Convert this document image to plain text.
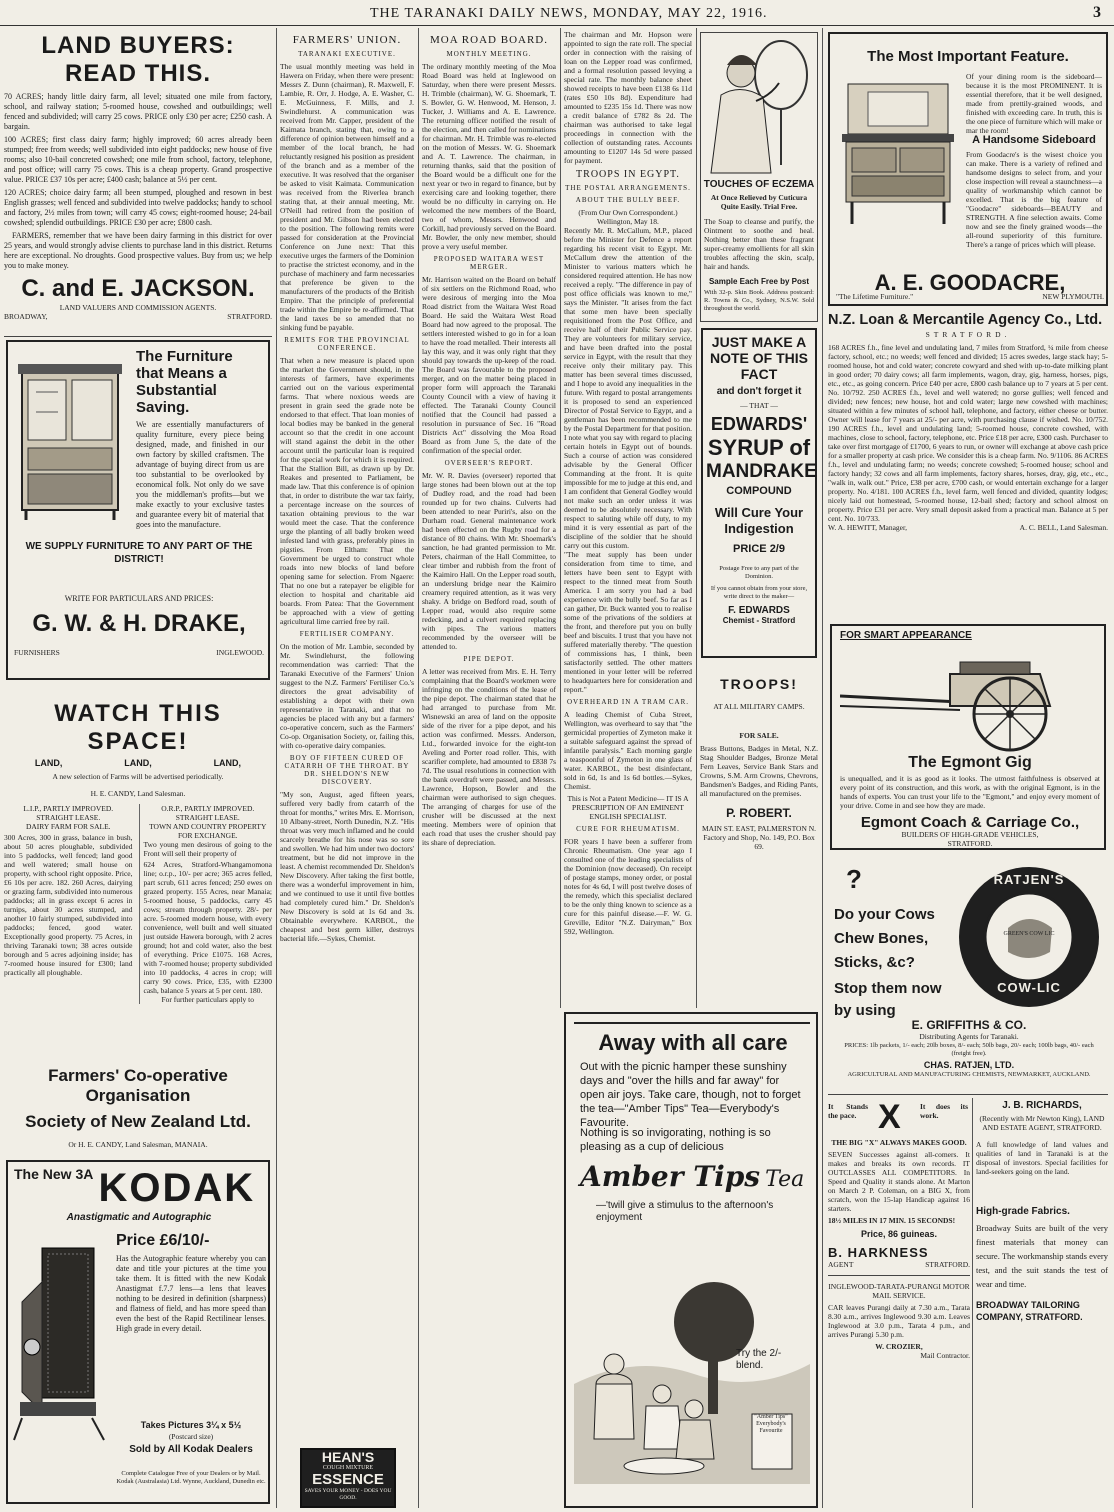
THE TARANAKI DAILY NEWS, MONDAY, MAY 22, 1916.	3
LAND BUYERS: READ THIS.
70 ACRES; handy little dairy farm, all level; situated one mile from factory, school, and railway station; 5-roomed house, cowshed and outbuildings; well fenced and subdivided; will carry 25 cows. PRICE only £30 per acre; £250 cash. A bargain.
100 ACRES; first class dairy farm; highly improved; 60 acres already been stumped; free from weeds; well subdivided into eight paddocks; new house of five rooms; also 10-bail concreted cowshed; one mile from school, factory, telephone, and post office; will carry 75 cows. This is a cheap property. Grand prospective value. PRICE £37 10s per acre; £400 cash; balance at 5½ per cent.
120 ACRES; choice dairy farm; all been stumped, ploughed and resown in best English grasses; well fenced and subdivided into twelve paddocks; handy to school and factory, 2½ miles from town; will carry 45 cows; eight-roomed house; 24-bail cowshed; splendid outbuildings. PRICE £30 per acre; £800 cash.
FARMERS, remember that we have been dairy farming in this district for over 25 years, and would strongly advise clients to purchase land in this district. Returns here are exceptional. No droughts. Good prospective values. Buy from us; we help you to make money.
C. and E. JACKSON.
LAND VALUERS AND COMMISSION AGENTS.
BROADWAY,	STRATFORD.
The Furniture that Means a Substantial Saving.
We are essentially manufacturers of quality furniture, every piece being designed, made, and finished in our own factory by skilled craftsmen. The advantage of buying direct from us are too substantial to be overlooked by economical folk. Not only do we save you the middleman's profits—but we make exactly to your exclusive tastes and guarantee every bit of material that goes into the manufacture.
WE SUPPLY FURNITURE TO ANY PART OF THE DISTRICT!
WRITE FOR PARTICULARS AND PRICES:
G. W. & H. DRAKE,
FURNISHERS	INGLEWOOD.
WATCH THIS SPACE!
LAND,	LAND,	LAND,
A new selection of Farms will be advertised periodically.
H. E. CANDY, Land Salesman.
L.I.P., PARTLY IMPROVED.
STRAIGHT LEASE.
DAIRY FARM FOR SALE.
300 Acres, 300 in grass, balance in bush, about 50 acres ploughable, subdivided into 5 paddocks, well fenced; land good and well watered; small house on property, with school right opposite. Price, £6 10s per acre. 182. 260 Acres, dairying or grazing farm, subdivided into numerous paddocks; all in grass except 6 acres in turnips, about 30 acres stumped, and another 10 fairly stumped, subdivided into paddocks; fenced, good water. Exceptionally good property. 75 Acres, in thriving Taranaki town; 38 acres outside borough and 5 acres adjoining inside; has 7-roomed house insured for £300; land practically all ploughable.
O.R.P., PARTLY IMPROVED.
STRAIGHT LEASE.
TOWN AND COUNTRY PROPERTY FOR EXCHANGE.
Two young men desirous of going to the Front will sell their property of
624 Acres, Stratford-Whangamomona line; o.r.p., 10/- per acre; 365 acres felled, part scrub, 611 acres fenced; 250 ewes on grazed property. 155 Acres, near Manaia; 5-roomed house, 5 paddocks, carry 45 cows; stream through property. 28/- per acre. 5-roomed modern house, with every convenience, well built and well situated just outside Hawera borough, with 2 acres ground; hot and cold water, also the best of everything. Price £1075. 168 Acres, with 7-roomed house; property subdivided into 10 paddocks, 4 acres in crop; will carry 90 cows. Price, £35, with £2300 cash, balance 5 years at 5 per cent. 180.
For further particulars apply to
Farmers' Co-operative Organisation
Society of New Zealand Ltd.
Or H. E. CANDY, Land Salesman, MANAIA.
The New 3A KODAK
Anastigmatic and Autographic
Price £6/10/-
Has the Autographic feature whereby you can date and title your pictures at the time you take them. It is fitted with the new Kodak Anastigmat f.7.7 lens—a lens that leaves nothing to be desired in definition (sharpness) and flatness of field, and has more speed than even the best of the Rapid Rectilinear lenses. High grade in every detail.
Takes Pictures 3¼ x 5½
(Postcard size)
Sold by All Kodak Dealers
Complete Catalogue Free of your Dealers or by Mail. Kodak (Australasia) Ltd. Wynne, Auckland, Dunedin etc.
FARMERS' UNION.
TARANAKI EXECUTIVE.
The usual monthly meeting was held in Hawera on Friday, when there were present: Messrs Z. Dunn (chairman), R. Maxwell, F. Lambie, R. Orr, J. Hodge, A. E. Washer, C. E. McGuinness, F. Mills, and J. Swindlehurst. A communication was received from Mr. Capper, president of the Kaimata branch, stating that, owing to a difference of opinion between himself and a member of the local branch, he had reluctantly resigned his position as president of the branch and as a member of the executive. It was resolved that the organiser be asked to visit Kaimata. Communication was received from the Riverlea branch stating that, at their annual meeting, Mr. O'Neill had retired from the position of president and Mr. Gibson had been elected to the position. The following remits were passed for consideration at the Provincial Conference on June next: That this executive urges the farmers of the Dominion to practise the strictest economy, and in the purchase of machinery and farm necessaries that preference be given to the manufacturers of the products of the British Empire. That the principle of preferential trade within the Empire be re-affirmed. That the land taxes be so amended that no sinking fund be payable.
REMITS FOR THE PROVINCIAL CONFERENCE.
That when a new measure is placed upon the market the Government should, in the interests of farmers, have experiments carried out on the various experimental farms. That where noxious weeds are present in grain seed the grade note be endorsed to that effect. That loan monies of local bodies may be banked in the general account so that the credit in one account will stand against the debit in the other account until the particular loan is required for the special work for which it is required. That the Stallion Bill, as drawn up by Dr. Reakes and presented to Parliament, be made law. That this conference is of opinion that, in order to distribute the war tax fairly, a percentage increase on the sources of taxation obtaining previous to the war would meet the case. That the conference urge the planting of all badly broken weed infested land with grass, preferably pines in pigsties. From Eltham: That the Government be urged to construct whole roads into new blocks of land before opening same for selection. From Ngaere: That no one but a ratepayer be eligible for election to hospital and charitable aid boards. From Patea: That the Government be approached with a view of getting agricultural lime carried free by rail.
FERTILISER COMPANY.
On the motion of Mr. Lambie, seconded by Mr. Swindlehurst, the following recommendation was carried: That the Taranaki Executive of the Farmers' Union suggest to the N.Z. Farmers' Fertiliser Co.'s directors the great advisability of establishing a depot with their own representative in Taranaki, and that no agencies be placed with any but a farmers' co-operative concern, such as the Farmers' Co-op. Organisation Society, or, failing this, with co-operative dairy companies.
BOY OF FIFTEEN CURED OF CATARRH OF THE THROAT. BY DR. SHELDON'S NEW DISCOVERY.
"My son, August, aged fifteen years, suffered very badly from catarrh of the throat for months," writes Mrs. E. Morrison, 10 Albany-street, North Dunedin, N.Z. "His throat was very much inflamed and he could scarcely breathe for his nose was so sore and swollen. We had him under two doctors' treatment, but he did not improve in the least. A chemist recommended Dr. Sheldon's New Discovery. After taking the first bottle, there was a wonderful improvement in him, and we continued to use it until five bottles had completely cured him." Dr. Sheldon's New Discovery is sold at 1s 6d and 3s. Obtainable everywhere. KARBOL, the cheapest and best germ killer, destroys bacterial life.—Sykes, Chemist.
HEAN'S
COUGH MIXTURE
ESSENCE
SAVES YOUR MONEY - DOES YOU GOOD.
MOA ROAD BOARD.
MONTHLY MEETING.
The ordinary monthly meeting of the Moa Road Board was held at Inglewood on Saturday, when there were present Messrs. H. Trimble (chairman), W. G. Shoemark, T. S. Bowler, G. W. Henwood, M. Henson, J. Tucker, J. Williams and A. E. Lawrence. The returning officer notified the result of the election, and then called for nominations for chairman. Mr. H. Trimble was re-elected on the motion of Messrs. W. G. Shoemark and A. T. Lawrence. The chairman, in returning thanks, said that the position of the Board would be a difficult one for the next year or two in regard to finance, but by exercising care and looking together, there would be no difficulty in carrying on. He welcomed the new members of the Board, two of whom, Messrs. Henwood and Corkill, had previously served on the Board. Mr. Bowler, the only new member, should prove a very useful member.
PROPOSED WAITARA WEST MERGER.
Mr. Harrison waited on the Board on behalf of six settlers on the Richmond Road, who were desirous of merging into the Moa Road district from the Waitara West Road Board. He said the Waitara West Road Board had now agreed to the proposal. The settlers interested wished to go in for a loan to have the road metalled. Their interests all lay this way, and it was only right that they should pay towards the up-keep of the road. The Board was favourable to the proposed merger, and on the matter being placed in proper form will approach the Taranaki County Council with a view of having it effected. The Taranaki County Council notified that the Council had passed a resolution in pursuance of Sec. 16 "Road Districts Act" dissolving the Moa Road Board as from June 5, the date of the confirmation of the special order.
OVERSEER'S REPORT.
Mr. W. R. Davies (overseer) reported that large stones had been blown out at the top of Dudley road, and the road had been rounded up for two chains. Culverts had been attended to near Puriri's, also on the Durham road. General maintenance work had been effected on the Rugby road for a distance of 80 chains. With Mr. Shoemark's sanction, he had granted permission to Mr. Peters, chairman of the Hall Committee, to clear timber and rubbish from the front of the Kaimiro Hall. On the Lepper road south, an underslung bridge near the Kaimiro creamery required attention, as it was very shaky. A bridge on Bedford road, south of Lepper road, would also require some redecking, and a culvert required replacing with pipes. The various matters recommended by the overseer will be attended to.
PIPE DEPOT.
A letter was received from Mrs. E. H. Terry complaining that the Board's workmen were infringing on the conditions of the lease of the pipe depot. The chairman stated that he had arranged to purchase from Mr. Wisnewski an area of land on the opposite side of the river for a pipe depot, and his action was confirmed. Messrs. Anderson, Ltd., forwarded invoice for the eight-ton Aveling and Porter road roller. This, with scarifier complete, had amounted to £838 7s 7d. The usual resolutions in connection with the bank overdraft were passed, and Messrs. Lawrence, Hopson, Bowler and the chairman were authorised to sign cheques. The arranging of charges for use of the crusher will be discussed at the next meeting. Members were of opinion that each road that uses the crusher should pay its share of depreciation.
The chairman and Mr. Hopson were appointed to sign the rate roll. The special order in connection with the raising of loan on the Lepper road was confirmed, and a formal resolution passed levying a special rate. The monthly balance sheet showed receipts to have been £138 6s 11d (rates £50 10s 8d). Expenditure had amounted to £235 15s 1d. There was now a credit balance of £782 8s 2d. The chairman was authorised to take legal proceedings in connection with the collection of outstanding rates. Accounts amounting to £1207 14s 5d were passed for payment.
TROOPS IN EGYPT.
THE POSTAL ARRANGEMENTS.
ABOUT THE BULLY BEEF.
(From Our Own Correspondent.) Wellington, May 18.
Recently Mr. R. McCallum, M.P., placed before the Minister for Defence a report regarding his recent visit to Egypt. Mr. McCallum drew the attention of the Minister to various matters which he considered required attention. He has now received a reply. "The difference in pay of post office officials was known to me," says the Minister. "It arises from the fact that some men have been specially requisitioned from the Post Office, and receive half of their Public Service pay. They are volunteers for military service, and have been drafted into the postal service in Egypt, with the result that they receive only their military pay. This matter has been several times discussed, and I hope to avoid any inequalities in the future. With regard to postal arrangements it is proposed to send an experienced Director of Postal Service to Egypt, and a gentleman has been recommended to me by the Postal Department for that position. I note what you say with regard to placing certain hotels in Egypt out of bounds. Such a course of action was considered advisable by the General Officer Commanding at the front. It is quite impossible for me to judge at this end, and I am confident that General Godley would not make such an order unless it was deemed to be absolutely necessary. With respect to saluting while off duty, to my mind it is very essential as part of the discipline of the soldier that he should carry out this custom.
"The meat supply has been under consideration from time to time, and letters have been sent to Egypt with respect to the tinned meat from South America. I am sorry you had a bad experience with the bully beef. So far as I can gather, Dr. Buck wanted you to realise some of the privations of the soldiers at the front, and therefore put you on bully beef and biscuits. I trust that you have not suffered materially thereby. "The question of commissions has, I think, been satisfactorily settled. The other matters mentioned in your letter will be referred to headquarters here for consideration and report."
OVERHEARD IN A TRAM CAR.
A leading Chemist of Cuba Street, Wellington, was overheard to say that "the germicidal properties of Zymeton make it a suitable safeguard against the spread of infantile paralysis." Each morning gargle a teaspoonful of Zymeton in one glass of water. KARBOL, the best disinfectant, sold in 6d, 1s and 1s 6d bottles.—Sykes, Chemist.
This is Not a Patent Medicine— IT IS A PRESCRIPTION OF AN EMINENT ENGLISH SPECIALIST.
CURE FOR RHEUMATISM.
FOR years I have been a sufferer from Chronic Rheumatism. One year ago I consulted one of the leading specialists of the Dominion (now deceased). On receipt of postage stamps, money order, or postal notes for 4s 6d, I will post twelve doses of the remedy, which this specialist declared to be the only thing known to science as a cure for this painful disease.—F. W. G. Greville, Editor "N.Z. Dairyman," Box 592, Wellington.
TOUCHES OF ECZEMA
At Once Relieved by Cuticura Quite Easily. Trial Free.
The Soap to cleanse and purify, the Ointment to soothe and heal. Nothing better than these fragrant super-creamy emollients for all skin troubles affecting the skin, scalp, hair and hands.
Sample Each Free by Post
With 32-p. Skin Book. Address postcard: R. Towns & Co., Sydney, N.S.W. Sold throughout the world.
JUST MAKE A NOTE OF THIS FACT
and don't forget it
— THAT —
EDWARDS'
SYRUP of
MANDRAKE
COMPOUND
Will Cure Your Indigestion
PRICE 2/9
Postage Free to any part of the Dominion.
If you cannot obtain from your store, write direct to the maker—
F. EDWARDS
Chemist - Stratford
TROOPS!
AT ALL MILITARY CAMPS.
FOR SALE.
Brass Buttons, Badges in Metal, N.Z. Stag Shoulder Badges, Bronze Metal Fern Leaves, Service Bank Stars and Crowns, S.M. Arm Crowns, Chevrons, Bandsmen's Badges, and Riding Pants, all manufactured on the premises.
P. ROBERT.
MAIN ST. EAST, PALMERSTON N. Factory and Shop, No. 149, P.O. Box 69.
Away with all care
Out with the picnic hamper these sunshiny days and "over the hills and far away" for open air joys. Take care, though, not to forget the tea—"Amber Tips" Tea—Everybody's Favourite.
Nothing is so invigorating, nothing is so pleasing as a cup of delicious
Amber Tips Tea
—'twill give a stimulus to the afternoon's enjoyment
Try the 2/- blend.
"Amber Tips" Everybody's Favourite
The Most Important Feature.
Of your dining room is the sideboard—because it is the most PROMINENT. It is essential therefore, that it be well designed, made from prettily-grained woods, and finished with exceeding care. In truth, this is the one piece of furniture which will make or mar the room!
A Handsome Sideboard
From Goodacre's is the wisest choice you can make. There is a variety of refined and handsome designs to select from, and your close inspection will reveal a staunchness—a quality of workmanship which cannot be excelled. That is the big feature of "Goodacre" sideboards—BEAUTY and STRENGTH. A fine selection awaits. Come now and see the finely grained woods—the all-round superiority of this furniture. There's a range of prices which will please.
A. E. GOODACRE,
"The Lifetime Furniture."	NEW PLYMOUTH.
N.Z. Loan & Mercantile Agency Co., Ltd.
STRATFORD.
168 ACRES f.h., fine level and undulating land, 7 miles from Stratford, ¼ mile from cheese factory, school, etc.; no weeds; well fenced and divided; 15 acres swedes, large stack hay; 5-roomed house, hot and cold water; concrete cowyard and shed with up-to-date milking plant in good order; 70 dairy cows; all farm implements, wagon, dray, gig, harness, horses, pigs, etc., etc., as going concern. Price £40 per acre, £800 cash balance up to 7 years at 5 per cent. No. 10/792. 250 ACRES f.h., level and well watered; no gorse gullies; well fenced and divided; new fences; new house, hot and cold water; large new cowshed with machines; situated within a few minutes of school hall, telephone, and factory, either cheese or butter. Owner will lease for 7 years at 25/- per acre, with purchasing clause if wished. No. 10/752. 190 ACRES f.h., level and undulating land; 5-roomed house, concrete cowshed, with machines, close to school, factory, telephone, etc. Price £18 per acre, £300 cash. Purchaser to take over first mortgage of £1700, 6 years to run, or owner will exchange at above cash price for a smaller property at cash price. We consider this is a cheap farm. No. 9/1106. 86 ACRES f.h., level and undulating farm; no weeds; concrete cowshed; 5-roomed house; school and factory handy; 32 cows and all farm implements, factory shares, horses, dray, gig, etc., etc., "walk in, walk out." Price, £38 per acre, £700 cash, or would entertain exchange for a larger property. No. 4/181. 100 ACRES f.h., level farm, well fenced and divided, quantity lodges; nicely laid out homestead, 5-roomed house, 12-bail shed; factory and school almost on property. Price £31 per acre. Very small deposit asked from a practical man. Balance at 5 per cent. No. 10/733.
W. A. HEWITT, Manager,	A. C. BELL, Land Salesman.
FOR SMART APPEARANCE
The Egmont Gig
is unequalled, and it is as good as it looks. The utmost faithfulness is observed at every point of its construction, and this work, as with the original Egmont, is in the hands of experts. You can trust your life to the "Egmont," and enjoy every moment of your drive. Come in and see how they are made.
Egmont Coach & Carriage Co.,
BUILDERS OF HIGH-GRADE VEHICLES,
STRATFORD.
?
Do your Cows
Chew Bones,
Sticks, &c?
Stop them now
by using
RATJEN'S
GREEN'S COW LIC
COW-LIC
E. GRIFFITHS & CO.
Distributing Agents for Taranaki.
PRICES: 1lb packets, 1/- each; 20lb boxes, 8/- each; 50lb bags, 20/- each; 100lb bags, 40/- each (freight free).
CHAS. RATJEN, LTD.
AGRICULTURAL AND MANUFACTURING CHEMISTS, NEWMARKET, AUCKLAND.
It Stands the pace. X	It does its work.
THE BIG "X" ALWAYS MAKES GOOD.
SEVEN Successes against all-comers. It makes and breaks its own records. IT OUTCLASSES ALL COMPETITORS. In Speed and Quality it stands alone. At Marton on March 2 P. Coleman, on a BIG X, from scratch, won the 15-lap Handicap against 16 starters.
18½ MILES IN 17 MIN. 15 SECONDS!
Price, 86 guineas.
B. HARKNESS
AGENT	STRATFORD.
INGLEWOOD-TARATA-PURANGI MOTOR MAIL SERVICE.
CAR leaves Purangi daily at 7.30 a.m., Tarata 8.30 a.m., arrives Inglewood 9.30 a.m. Leaves Inglewood at 3.0 p.m., Tarata 4 p.m., and arrives Purangi 5.30 p.m.
W. CROZIER,
Mail Contractor.
J. B. RICHARDS,
(Recently with Mr Newton King), LAND AND ESTATE AGENT, STRATFORD.
A full knowledge of land values and qualities of land in Taranaki is at the disposal of investors. Special facilities for land-seekers going on the land.
High-grade Fabrics.
Broadway Suits are built of the very finest materials that money can secure. The workmanship stands every test, and the suit stands the test of wear and time.
BROADWAY TAILORING COMPANY, STRATFORD.
